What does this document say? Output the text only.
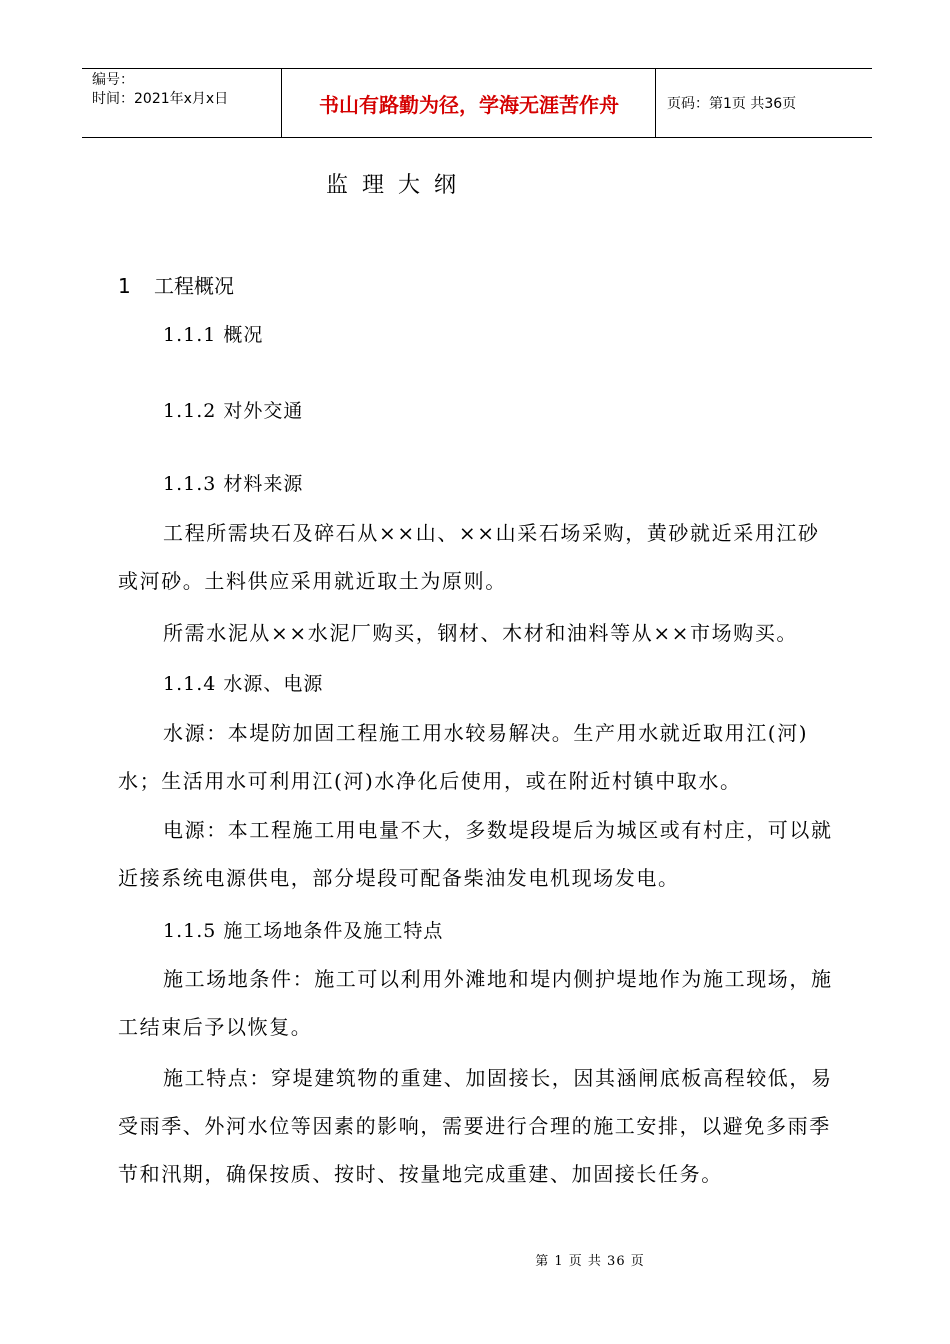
编号：
时间：2021年x月x日	书山有路勤为径，学海无涯苦作舟	页码：第1页 共36页
监理大纲
1 工程概况
1.1.1 概况
1.1.2 对外交通
1.1.3 材料来源
工程所需块石及碎石从××山、××山采石场采购，黄砂就近采用江砂或河砂。土料供应采用就近取土为原则。
所需水泥从××水泥厂购买，钢材、木材和油料等从××市场购买。
1.1.4 水源、电源
水源：本堤防加固工程施工用水较易解决。生产用水就近取用江(河)水；生活用水可利用江(河)水净化后使用，或在附近村镇中取水。
电源：本工程施工用电量不大，多数堤段堤后为城区或有村庄，可以就近接系统电源供电，部分堤段可配备柴油发电机现场发电。
1.1.5 施工场地条件及施工特点
施工场地条件：施工可以利用外滩地和堤内侧护堤地作为施工现场，施工结束后予以恢复。
施工特点：穿堤建筑物的重建、加固接长，因其涵闸底板高程较低，易受雨季、外河水位等因素的影响，需要进行合理的施工安排，以避免多雨季节和汛期，确保按质、按时、按量地完成重建、加固接长任务。
第 1 页 共 36 页
